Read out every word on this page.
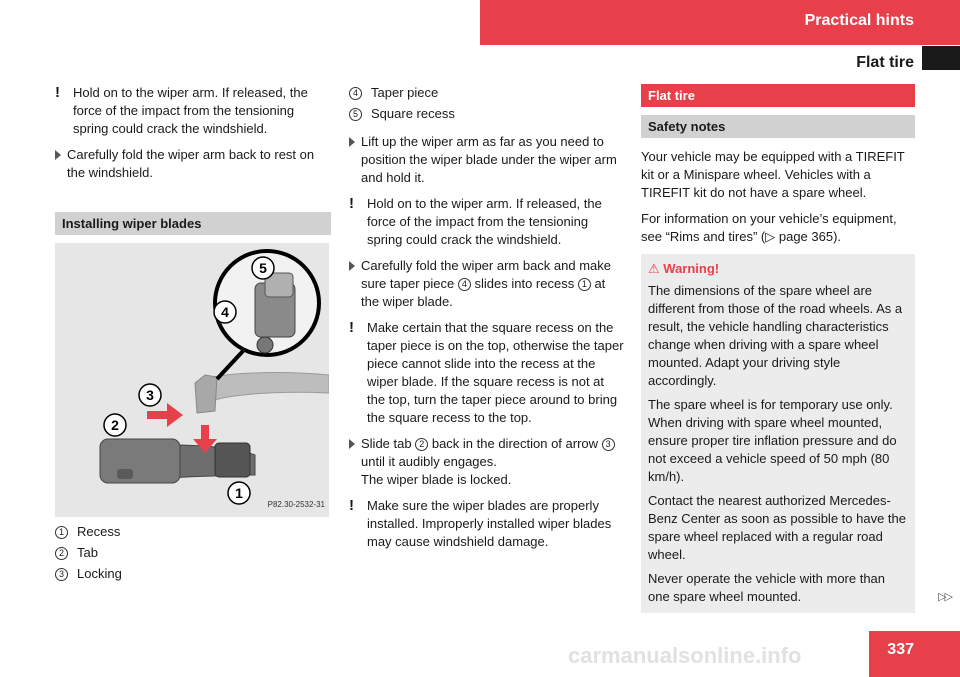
Practical hints
Flat tire
! Hold on to the wiper arm. If released, the force of the impact from the tensioning spring could crack the windshield.
Carefully fold the wiper arm back to rest on the windshield.
Installing wiper blades
5
4
3
2
1
P82.30-2532-31
1	Recess
2	Tab
3	Locking
4	Taper piece
5	Square recess
Lift up the wiper arm as far as you need to position the wiper blade under the wiper arm and hold it.
! Hold on to the wiper arm. If released, the force of the impact from the tensioning spring could crack the windshield.
Carefully fold the wiper arm back and make sure taper piece 4 slides into recess 1 at the wiper blade.
! Make certain that the square recess on the taper piece is on the top, otherwise the taper piece cannot slide into the recess at the wiper blade. If the square recess is not at the top, turn the taper piece around to bring the square recess to the top.
Slide tab 2 back in the direction of arrow 3 until it audibly engages.
The wiper blade is locked.
! Make sure the wiper blades are properly installed. Improperly installed wiper blades may cause windshield damage.
Flat tire
Safety notes

Your vehicle may be equipped with a TIREFIT kit or a Minispare wheel. Vehicles with a TIREFIT kit do not have a spare wheel.

For information on your vehicle’s equipment, see “Rims and tires” (▷ page 365).

⚠ Warning!

The dimensions of the spare wheel are different from those of the road wheels. As a result, the vehicle handling characteristics change when driving with a spare wheel mounted. Adapt your driving style accordingly.

The spare wheel is for temporary use only. When driving with spare wheel mounted, ensure proper tire inflation pressure and do not exceed a vehicle speed of 50 mph (80 km/h).

Contact the nearest authorized Mercedes-Benz Center as soon as possible to have the spare wheel replaced with a regular road wheel.

Never operate the vehicle with more than one spare wheel mounted.	▷▷
carmanualsonline.info	337
